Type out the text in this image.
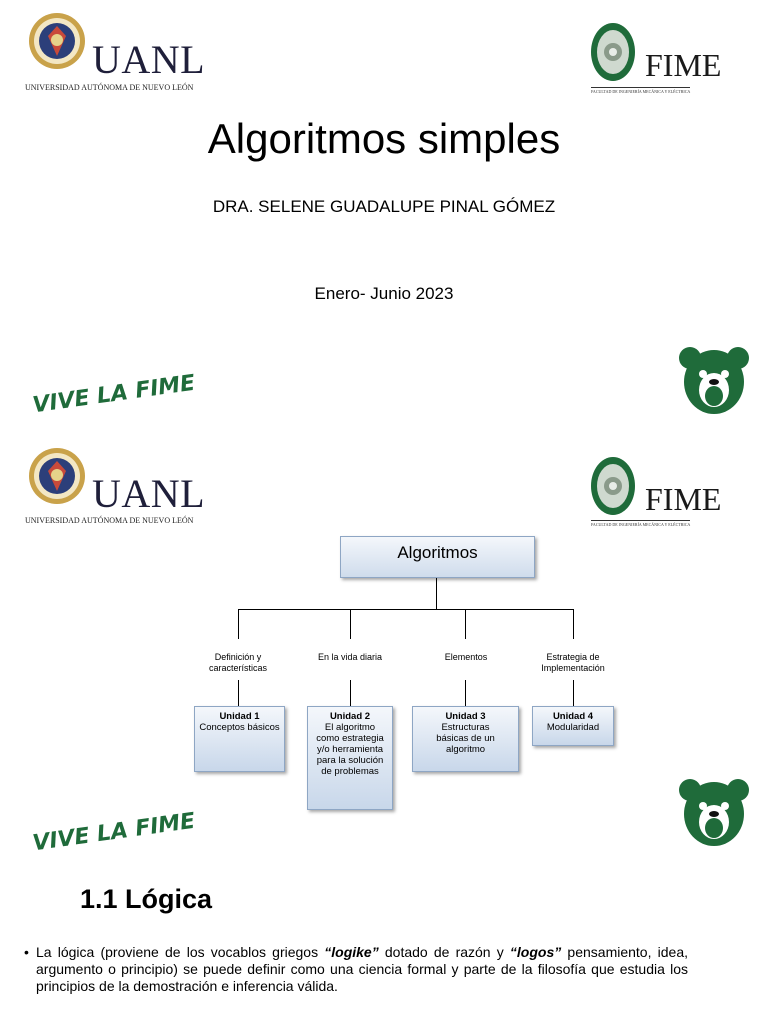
UANL
UNIVERSIDAD AUTÓNOMA DE NUEVO LEÓN
FIME
FACULTAD DE INGENIERÍA MECÁNICA Y ELÉCTRICA
Algoritmos simples
DRA. SELENE GUADALUPE PINAL GÓMEZ
Enero- Junio 2023
VIVE LA FIME
UANL
UNIVERSIDAD AUTÓNOMA DE NUEVO LEÓN
FIME
FACULTAD DE INGENIERÍA MECÁNICA Y ELÉCTRICA
Algoritmos
Definición y características
En la vida diaria	Elementos	Estrategia de Implementación
Unidad 1
Conceptos básicos
Unidad 2
El algoritmo como estrategia y/o herramienta para la solución de problemas
Unidad 3
Estructuras básicas de un algoritmo
Unidad 4
Modularidad
VIVE LA FIME
1.1 Lógica
• La lógica (proviene de los vocablos griegos “logike” dotado de razón y “logos” pensamiento, idea, argumento o principio) se puede definir como una ciencia formal y parte de la filosofía que estudia los principios de la demostración e inferencia válida.
